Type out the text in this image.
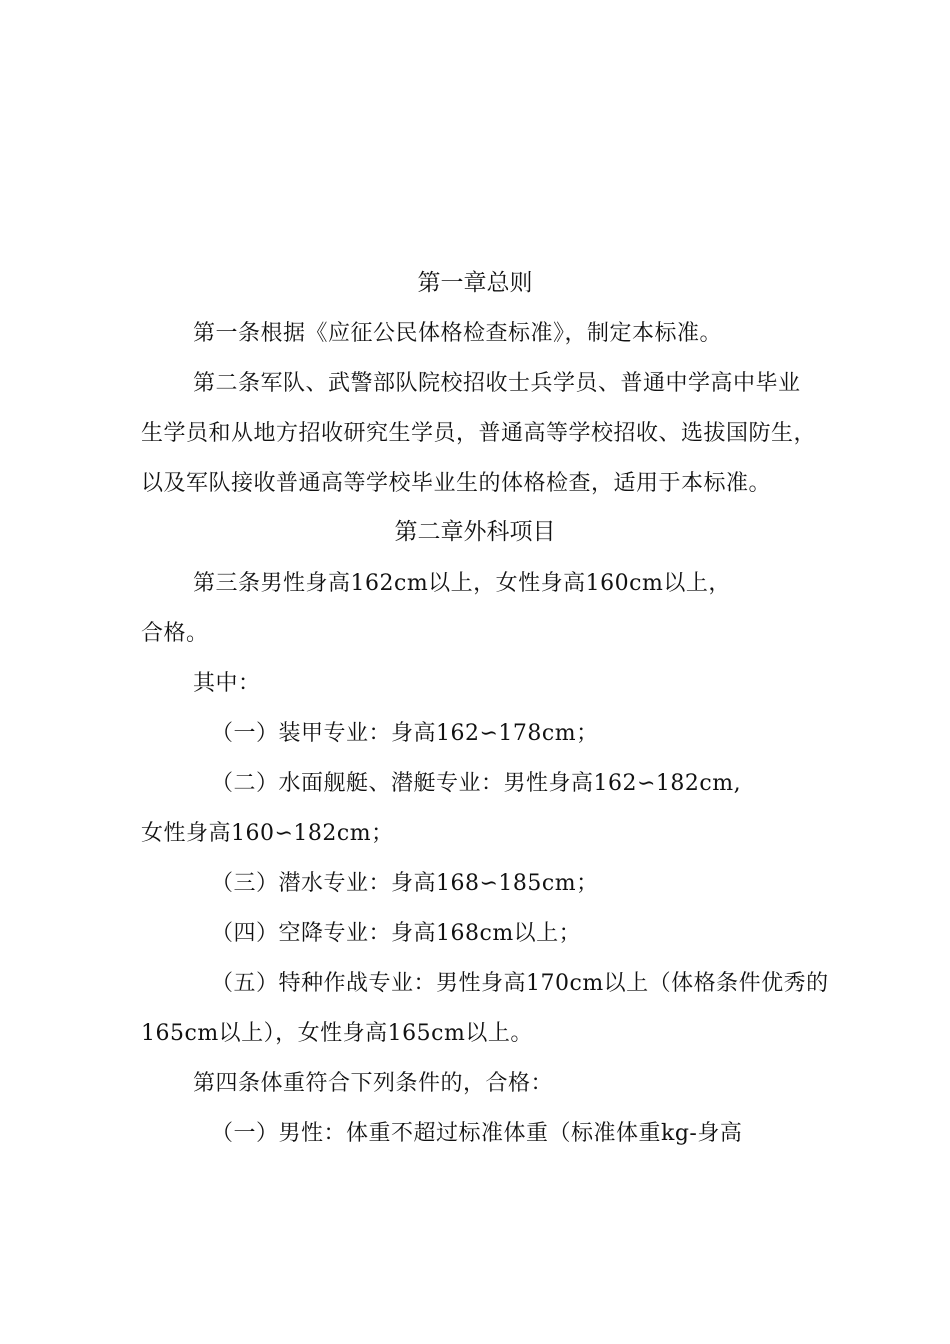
第一章总则
第一条根据《应征公民体格检查标准》，制定本标准。
第二条军队、武警部队院校招收士兵学员、普通中学高中毕业
生学员和从地方招收研究生学员，普通高等学校招收、选拔国防生，
以及军队接收普通高等学校毕业生的体格检查，适用于本标准。
第二章外科项目
第三条男性身高162cm以上，女性身高160cm以上，
合格。
其中：
（一）装甲专业：身高162∽178cm；
（二）水面舰艇、潜艇专业：男性身高162∽182cm,
女性身高160∽182cm；
（三）潜水专业：身高168∽185cm；
（四）空降专业：身高168cm以上；
（五）特种作战专业：男性身高170cm以上（体格条件优秀的
165cm以上），女性身高165cm以上。
第四条体重符合下列条件的，合格：
（一）男性：体重不超过标准体重（标准体重kg-身高
